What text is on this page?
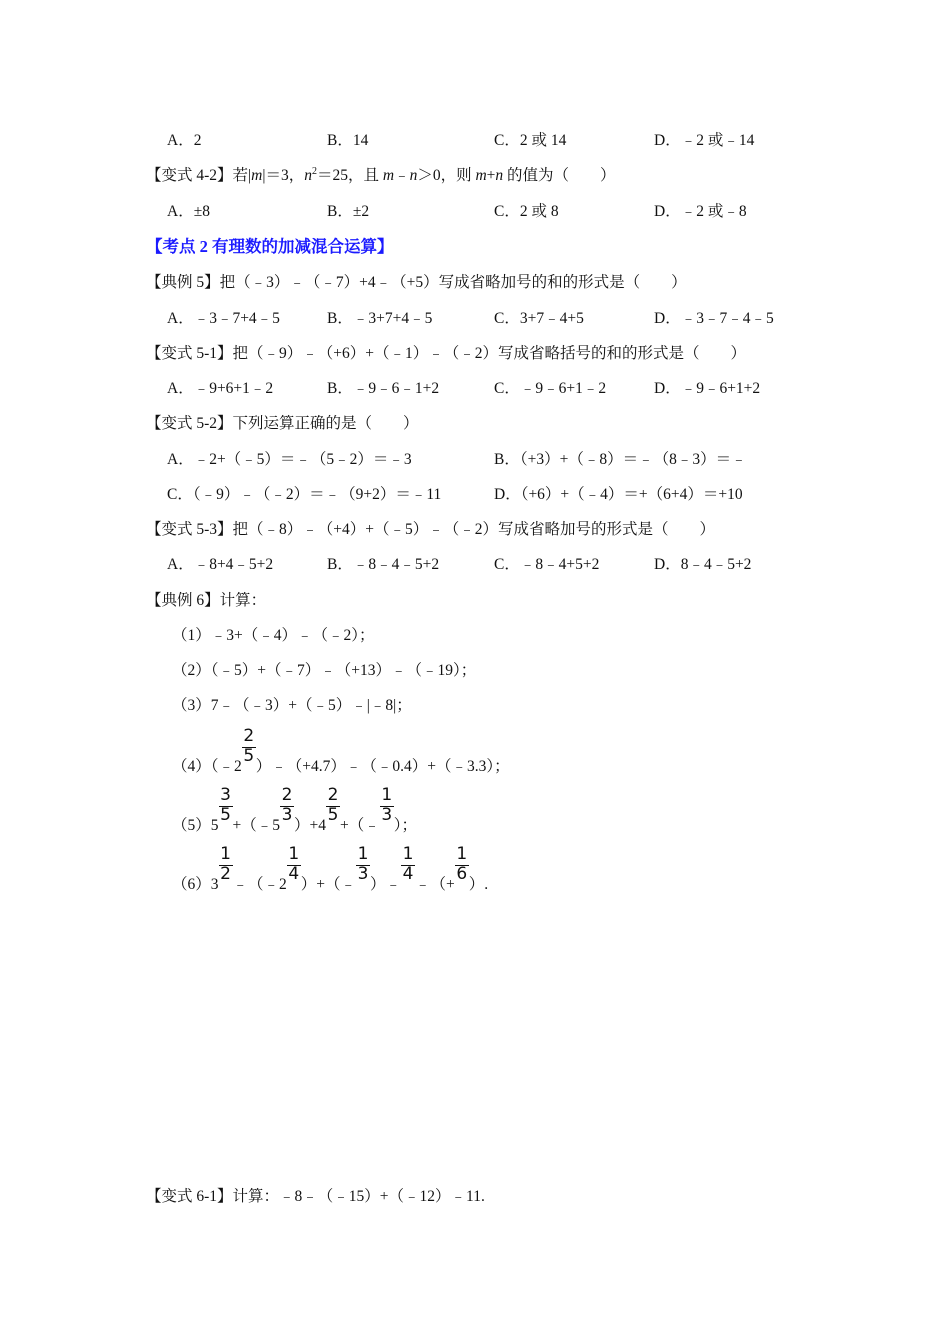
A．2	B．14	C．2 或 14	D．﹣2 或﹣14
【变式 4-2】若|m|＝3，$n^2=25$，且 m﹣n＞0，则 m+n 的值为（　　）
A．±8	B．±2	C．2 或 8	D．﹣2 或﹣8
【考点 2 有理数的加减混合运算】
【典例 5】把（﹣3）﹣（﹣7）+4﹣（+5）写成省略加号的和的形式是（　　）
A．﹣3﹣7+4﹣5	B．﹣3+7+4﹣5	C．3+7﹣4+5	D．﹣3﹣7﹣4﹣5
【变式 5-1】把（﹣9）﹣（+6）+（﹣1）﹣（﹣2）写成省略括号的和的形式是（　　）
A．﹣9+6+1﹣2	B．﹣9﹣6﹣1+2	C．﹣9﹣6+1﹣2	D．﹣9﹣6+1+2
【变式 5-2】下列运算正确的是（　　）
A．﹣2+（﹣5）＝﹣（5﹣2）＝﹣3	B．（+3）+（﹣8）＝﹣（8﹣3）＝﹣
C．（﹣9）﹣（﹣2）＝﹣（9+2）＝﹣11	D．（+6）+（﹣4）＝+（6+4）＝+10
【变式 5-3】把（﹣8）﹣（+4）+（﹣5）﹣（﹣2）写成省略加号的形式是（　　）
A．﹣8+4﹣5+2	B．﹣8﹣4﹣5+2	C．﹣8﹣4+5+2	D．8﹣4﹣5+2
【典例 6】计算：
（1）﹣3+（﹣4）﹣（﹣2）；
（2）（﹣5）+（﹣7）﹣（+13）﹣（﹣19）；
（3）7﹣（﹣3）+（﹣5）﹣|﹣8|；
（4）（﹣2 $\frac{2}{5}$ ）﹣（+4.7）﹣（﹣0.4）+（﹣3.3）；
$(5)5 \frac{3}{5}$ +（﹣5 $\frac{2}{3} )+4 \frac{2}{5}$ +（﹣ $\frac{1}{3}$ ）；
$(6)3 \frac{1}{2}$ ﹣（﹣2 $\frac{1}{4}$ ）+（﹣ $\frac{1}{3}$ ）﹣ $\frac{1}{4}$ ﹣（+ $\frac{1}{6}$ ）.
【变式 6-1】计算：﹣8﹣（﹣15）+（﹣12）﹣11.
